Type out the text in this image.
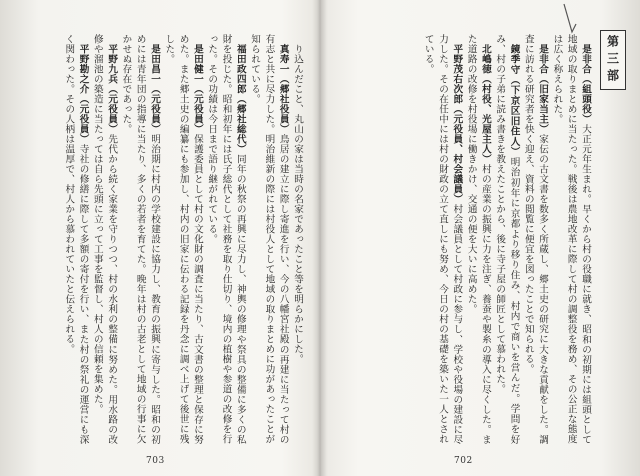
り込んだこと、丸山の家は当時の名家であったこと等を明らかにした。

真寿一（郷社役員）鳥居の建立に際し寄進を行い、今の八幡宮社殿の再建に当たって村の有志と共に尽力した。明治維新の際には村役人として地域の取りまとめに功があったことが知られている。

福田政四郎（郷社総代）同年の秋祭の再興に尽力し、神輿の修理や祭具の整備に多くの私財を投じた。昭和初年には氏子総代として社務を取り仕切り、境内の植樹や参道の改修を行った。その功績は今日まで語り継がれている。

是田健一（元役員）保護委員として村の文化財の調査に当たり、古文書の整理と保存に努めた。また郷土史の編纂にも参加し、村内の旧家に伝わる記録を丹念に調べ上げて後世に残した。

是田昌一（元役員）明治期に村内の学校建設に協力し、教育の振興に寄与した。昭和の初めには青年団の指導に当たり、多くの若者を育てた。晩年は村の古老として地域の行事に欠かせぬ存在であった。

平野九兵（元役員）先代から続く家業を守りつつ、村の水利の整備に努めた。用水路の改修や溜池の築造に当たっては自ら先頭に立って工事を監督し、村人の信頼を集めた。

平野勘之介（元役員）寺社の修繕に際して多額の寄付を行い、また村の祭礼の運営にも深く関わった。その人柄は温厚で、村人から慕われていたと伝えられる。

703

是非合（組頭役）大正元年生まれ。早くから村の役職に就き、昭和の初期には組頭として地域の取りまとめに当たった。戦後は農地改革に際して村の調整役を務め、その公正な態度は広く称えられた。

是非合（旧家当主）家伝の古文書を数多く所蔵し、郷土史の研究に大きな貢献をした。調査に訪れる研究者を快く迎え、資料の閲覧に便宜を図ったことで知られる。

鏡季守（下京区旧住人）明治初年に京都より移り住み、村内で商いを営んだ。学問を好み、村の子弟に読み書きを教えたことから、後に寺子屋の師匠として慕われた。

北嶋徳（村役、光屋主人）村の産業の振興に力を注ぎ、養蚕や製糸の導入に尽くした。また道路の改修を村役場に働きかけ、交通の便を大いに高めた。

平野茂右次郎（元役員、村会議員）村会議員として村政に参与し、学校や役場の建設に尽力した。その在任中には村の財政の立て直しにも努め、今日の村の基礎を築いた一人とされている。	第三部
702
